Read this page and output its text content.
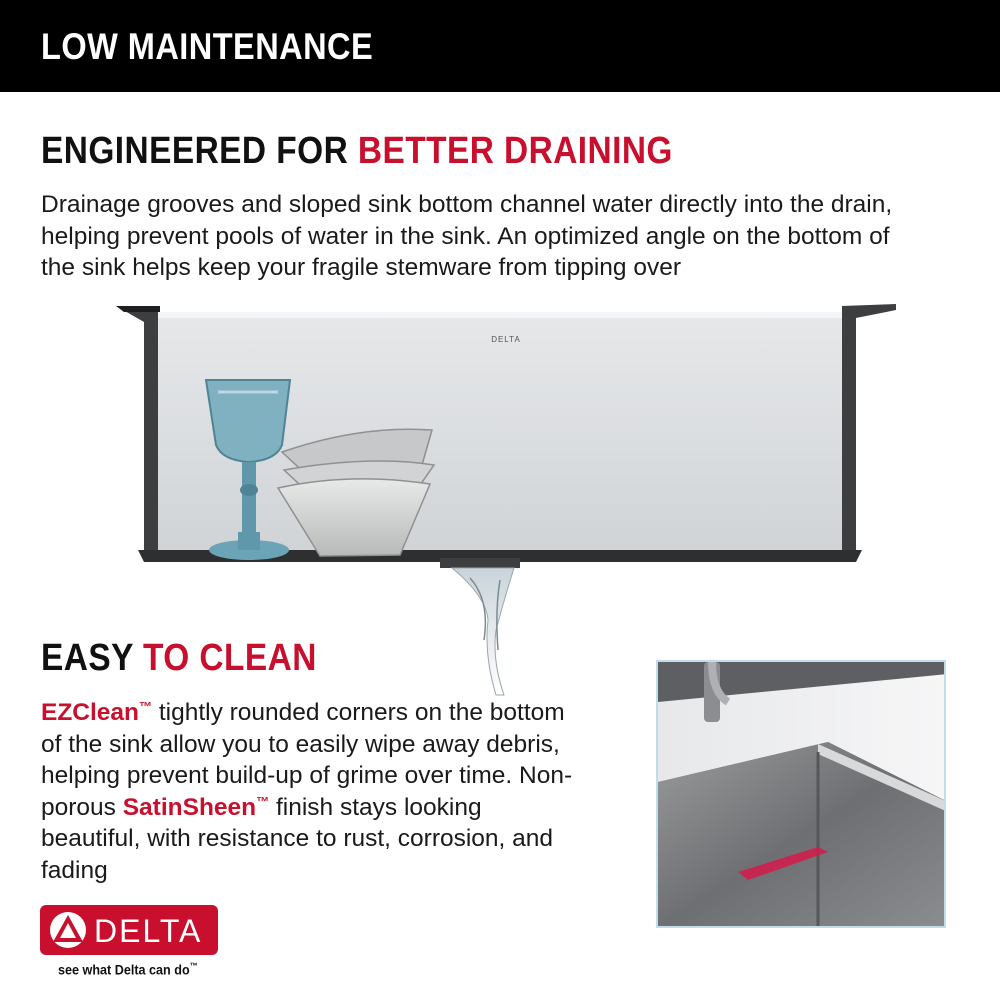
LOW MAINTENANCE
ENGINEERED FOR BETTER DRAINING
Drainage grooves and sloped sink bottom channel water directly into the drain, helping prevent pools of water in the sink. An optimized angle on the bottom of the sink helps keep your fragile stemware from tipping over
DELTA
EASY TO CLEAN
EZClean™ tightly rounded corners on the bottom of the sink allow you to easily wipe away debris, helping prevent build-up of grime over time. Non-porous SatinSheen™ finish stays looking beautiful, with resistance to rust, corrosion, and fading
DELTA
see what Delta can do™
